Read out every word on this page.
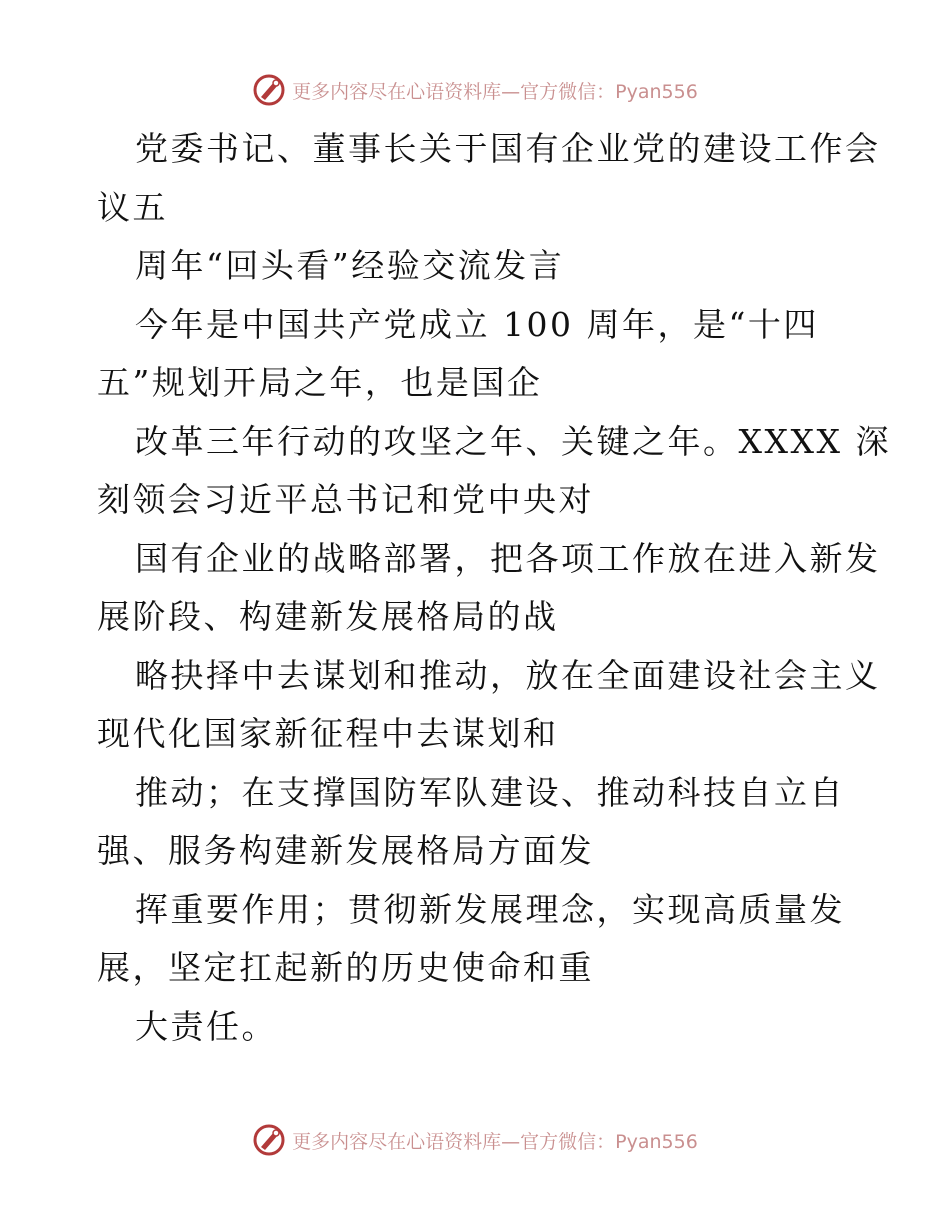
更多内容尽在心语资料库—官方微信：Pyan556
党委书记、董事长关于国有企业党的建设工作会
议五
周年“回头看”经验交流发言
今年是中国共产党成立 100 周年，是“十四
五”规划开局之年，也是国企
改革三年行动的攻坚之年、关键之年。XXXX 深
刻领会习近平总书记和党中央对
国有企业的战略部署，把各项工作放在进入新发
展阶段、构建新发展格局的战
略抉择中去谋划和推动，放在全面建设社会主义
现代化国家新征程中去谋划和
推动；在支撑国防军队建设、推动科技自立自
强、服务构建新发展格局方面发
挥重要作用；贯彻新发展理念，实现高质量发
展，坚定扛起新的历史使命和重
大责任。
更多内容尽在心语资料库—官方微信：Pyan556
